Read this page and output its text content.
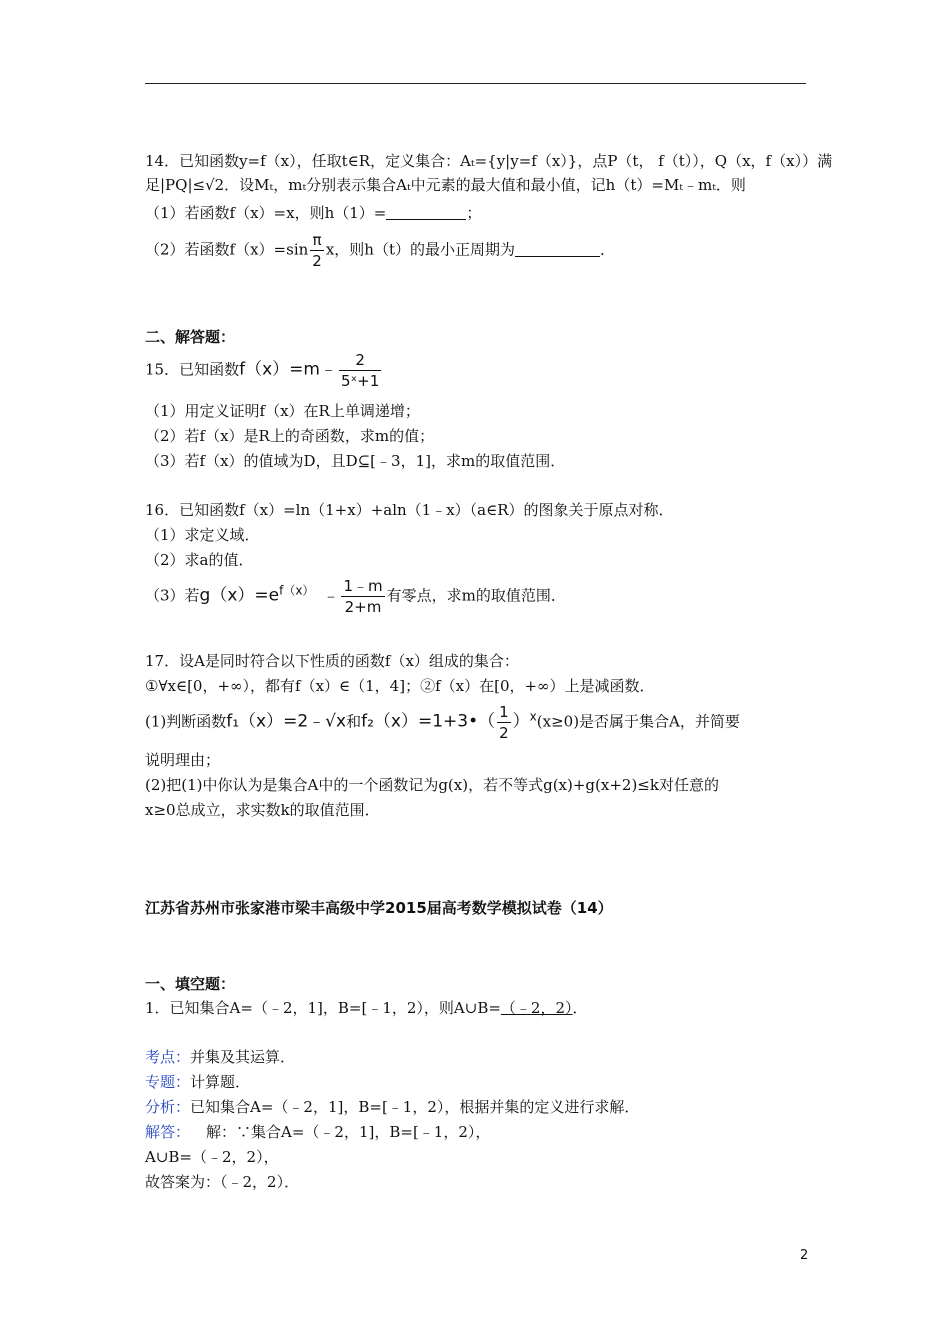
14．已知函数y=f（x），任取t∈R，定义集合：Aₜ={y|y=f（x）}，点P（t， f（t）），Q（x，f（x））满
足|PQ|≤√2．设Mₜ，mₜ分别表示集合Aₜ中元素的最大值和最小值，记h（t）=Mₜ﹣mₜ．则
（1）若函数f（x）=x，则h（1）=	；
（2）若函数$f(x)=\sin \frac{\pi}{2}$ x，则h（t）的最小正周期为	．
二、解答题：
15．已知函数f（x）=m﹣ $\frac{2}{\text{5ˣ+1}}$
（1）用定义证明f（x）在R上单调递增；
（2）若f（x）是R上的奇函数，求m的值；
（3）若f（x）的值域为D，且D⊆[﹣3，1]，求m的取值范围．
16．已知函数f（x）=ln（1+x）+aln（1﹣x）（a∈R）的图象关于原点对称．
（1）求定义域．
（2）求a的值．
（3）若$g(x)=e^{f(x)}$ ﹣ $\frac{1﹣m}{2+m}$ 有零点，求m的取值范围．
17．设A是同时符合以下性质的函数f（x）组成的集合：
①∀x∈[0，+∞），都有f（x）∈（1，4]；②f（x）在[0，+∞）上是减函数．
(1)判断函数f₁（x）=2﹣√x和f₂（x）=1+3•（ $\frac{1}{2} )^x(x\ge 0)$是否属于集合A，并简要
说明理由；
(2)把(1)中你认为是集合A中的一个函数记为g(x)，若不等式g(x)+g(x+2)≤k对任意的
x≥0总成立，求实数k的取值范围．
江苏省苏州市张家港市梁丰高级中学2015届高考数学模拟试卷（14）
一、填空题：
1．已知集合A=（﹣2，1]，B=[﹣1，2），则A∪B=（﹣2，2）．
考点：并集及其运算．
专题：计算题．
分析：已知集合A=（﹣2，1]，B=[﹣1，2），根据并集的定义进行求解．
解答： 解：∵集合A=（﹣2，1]，B=[﹣1，2），
A∪B=（﹣2，2），
故答案为：（﹣2，2）．
2
